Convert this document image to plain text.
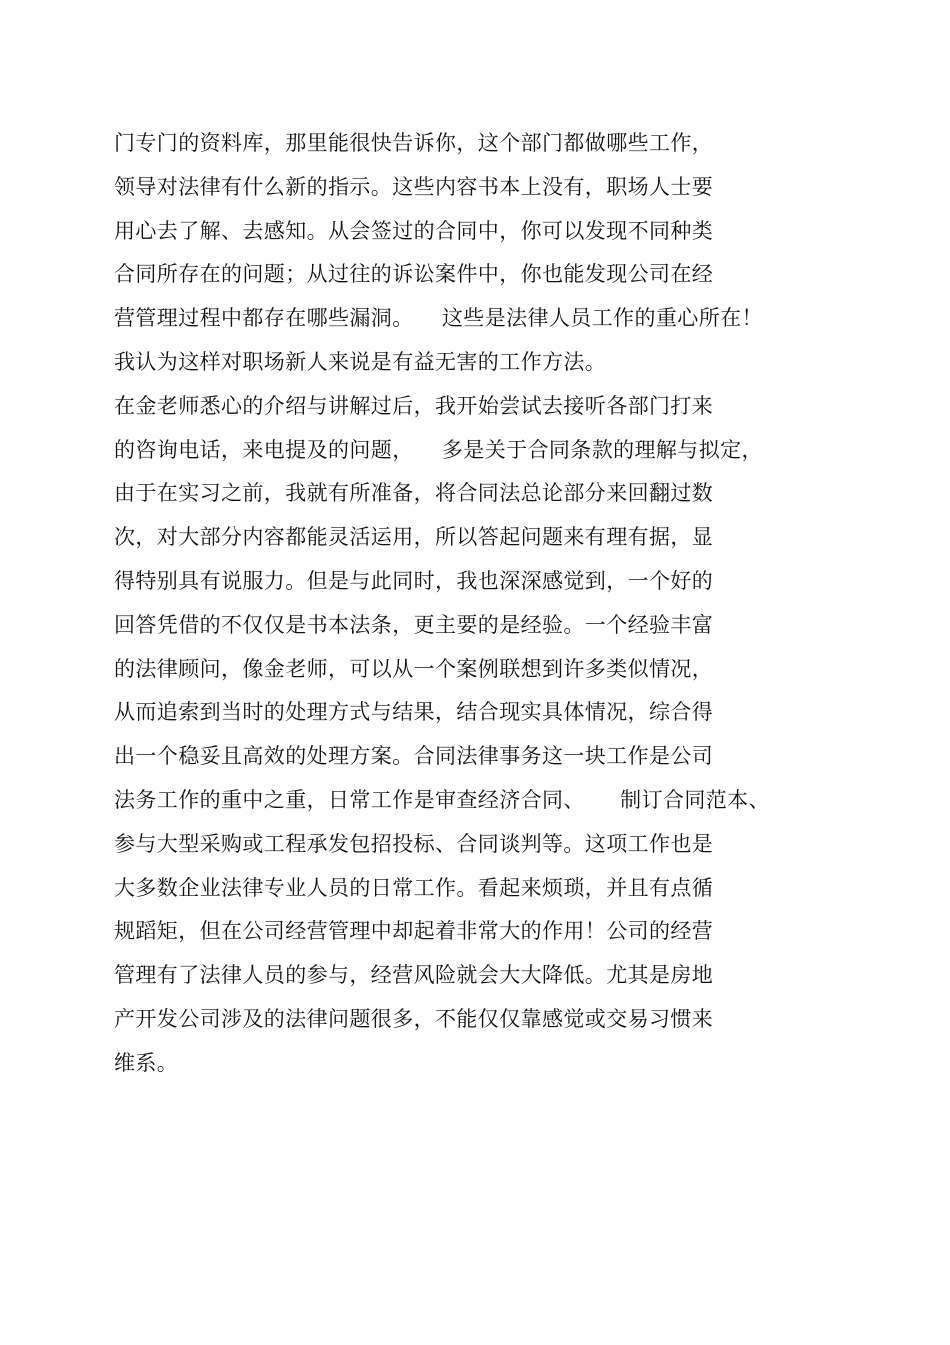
门专门的资料库，那里能很快告诉你，这个部门都做哪些工作，
领导对法律有什么新的指示。这些内容书本上没有，职场人士要
用心去了解、去感知。从会签过的合同中，你可以发现不同种类
合同所存在的问题；从过往的诉讼案件中，你也能发现公司在经
营管理过程中都存在哪些漏洞。    这些是法律人员工作的重心所在！
我认为这样对职场新人来说是有益无害的工作方法。
在金老师悉心的介绍与讲解过后，我开始尝试去接听各部门打来
的咨询电话，来电提及的问题，    多是关于合同条款的理解与拟定，
由于在实习之前，我就有所准备，将合同法总论部分来回翻过数
次，对大部分内容都能灵活运用，所以答起问题来有理有据，显
得特别具有说服力。但是与此同时，我也深深感觉到，一个好的
回答凭借的不仅仅是书本法条，更主要的是经验。一个经验丰富
的法律顾问，像金老师，可以从一个案例联想到许多类似情况，
从而追索到当时的处理方式与结果，结合现实具体情况，综合得
出一个稳妥且高效的处理方案。合同法律事务这一块工作是公司
法务工作的重中之重，日常工作是审查经济合同、     制订合同范本、
参与大型采购或工程承发包招投标、合同谈判等。这项工作也是
大多数企业法律专业人员的日常工作。看起来烦琐，并且有点循
规蹈矩，但在公司经营管理中却起着非常大的作用！公司的经营
管理有了法律人员的参与，经营风险就会大大降低。尤其是房地
产开发公司涉及的法律问题很多，不能仅仅靠感觉或交易习惯来
维系。
